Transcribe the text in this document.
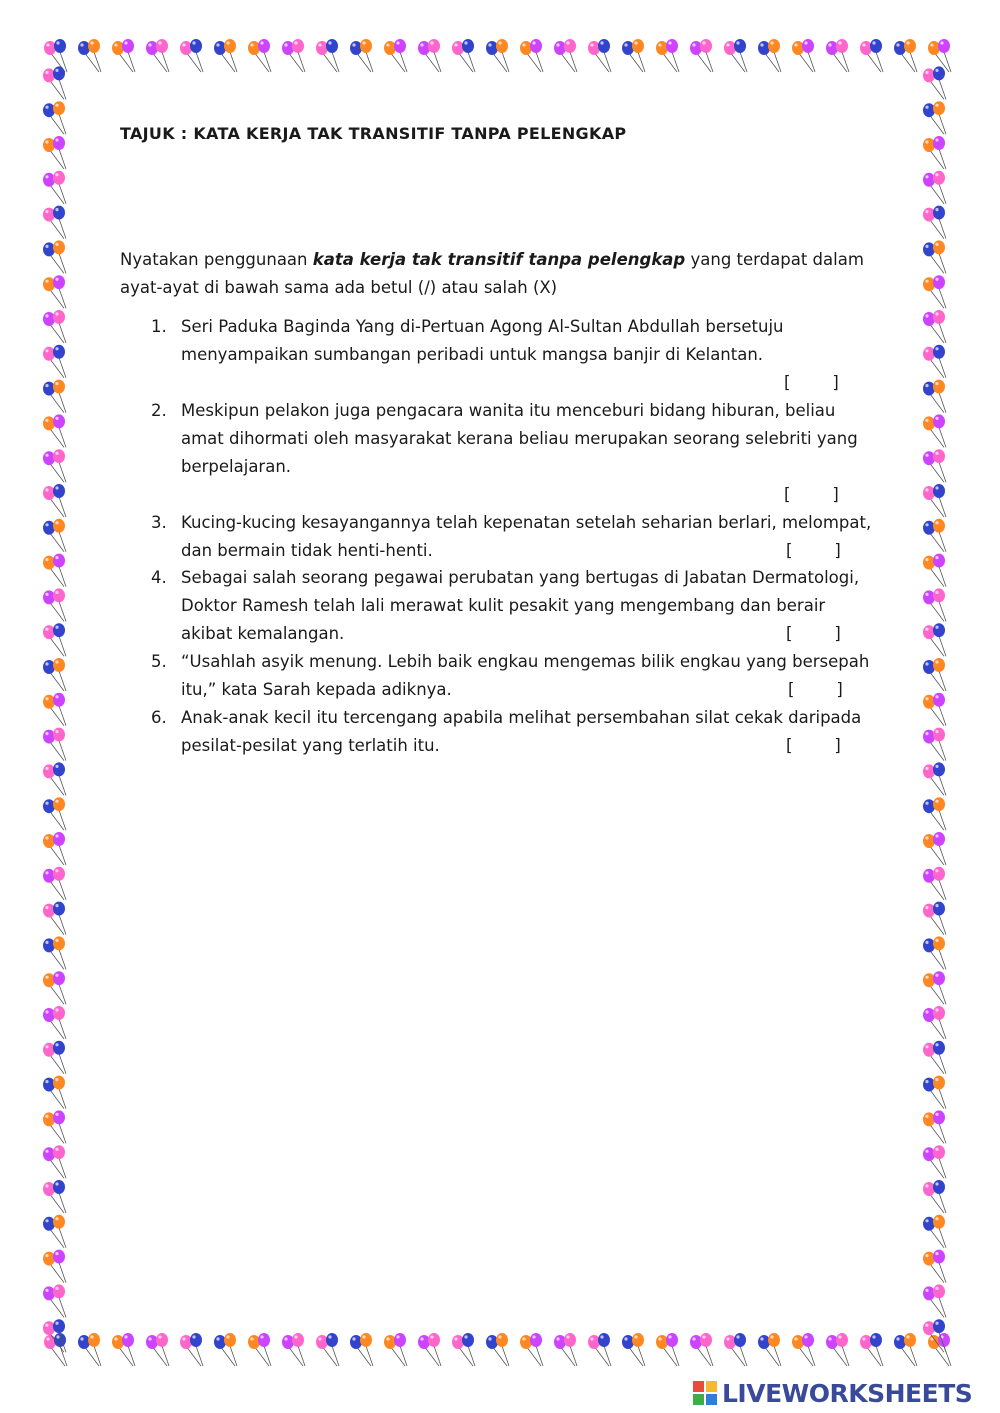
TAJUK : KATA KERJA TAK TRANSITIF TANPA PELENGKAP
Nyatakan penggunaan kata kerja tak transitif tanpa pelengkap yang terdapat dalam
ayat-ayat di bawah sama ada betul (/) atau salah (X)
1. Seri Paduka Baginda Yang di-Pertuan Agong Al-Sultan Abdullah bersetuju
menyampaikan sumbangan peribadi untuk mangsa banjir di Kelantan.
[        ]
2. Meskipun pelakon juga pengacara wanita itu menceburi bidang hiburan, beliau
amat dihormati oleh masyarakat kerana beliau merupakan seorang selebriti yang
berpelajaran.
[        ]
3. Kucing-kucing kesayangannya telah kepenatan setelah seharian berlari, melompat,
dan bermain tidak henti-henti.	[        ]
4. Sebagai salah seorang pegawai perubatan yang bertugas di Jabatan Dermatologi,
Doktor Ramesh telah lali merawat kulit pesakit yang mengembang dan berair
akibat kemalangan.	[        ]
5. “Usahlah asyik menung. Lebih baik engkau mengemas bilik engkau yang bersepah
itu,” kata Sarah kepada adiknya.	[        ]
6. Anak-anak kecil itu tercengang apabila melihat persembahan silat cekak daripada
pesilat-pesilat yang terlatih itu.	[        ]
LIVEWORKSHEETS
